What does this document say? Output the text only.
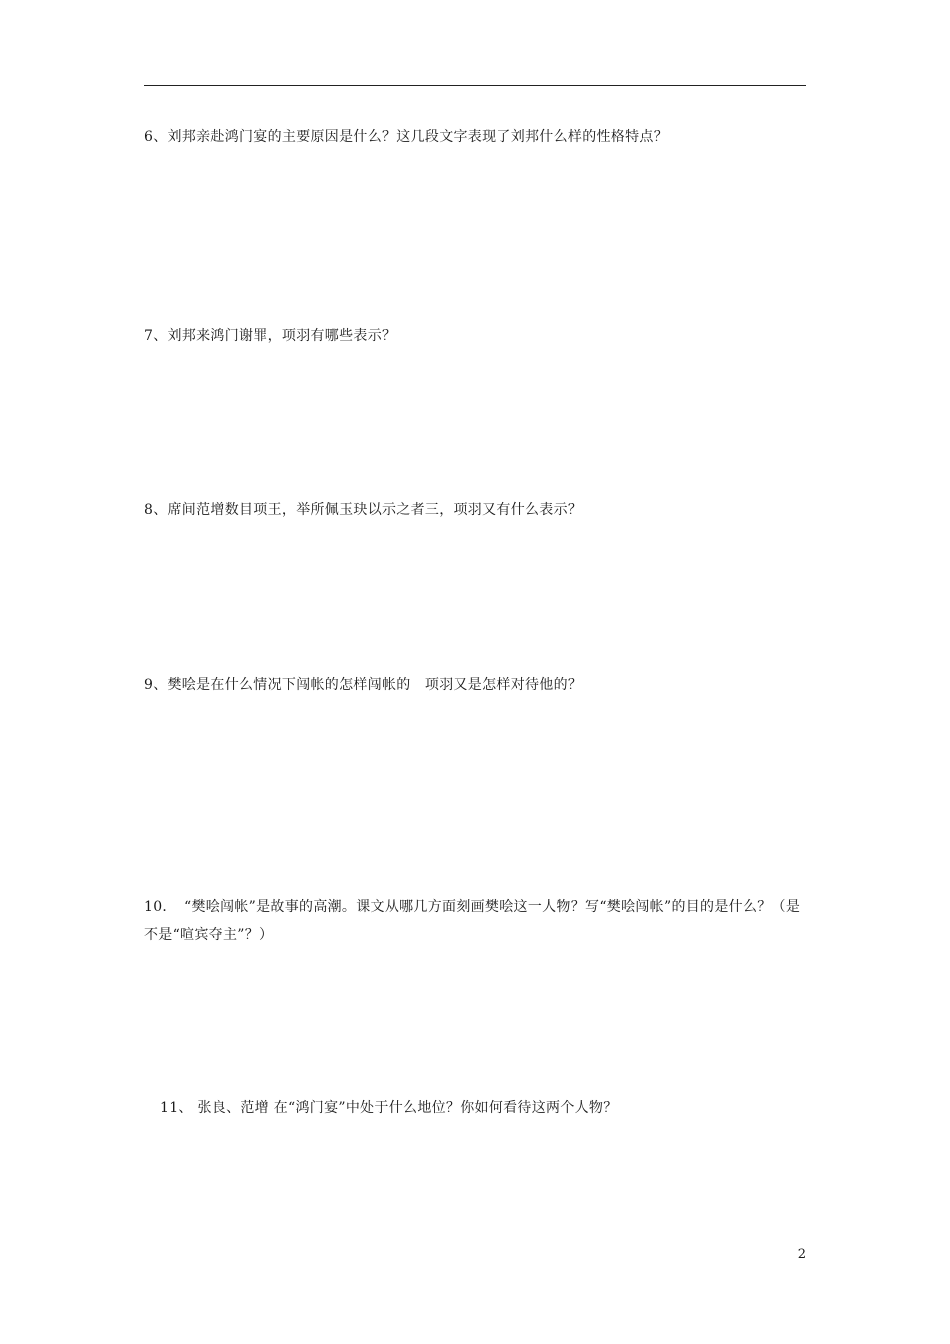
6、刘邦亲赴鸿门宴的主要原因是什么？这几段文字表现了刘邦什么样的性格特点？
7、刘邦来鸿门谢罪，项羽有哪些表示？
8、席间范增数目项王，举所佩玉玦以示之者三，项羽又有什么表示？
9、樊哙是在什么情况下闯帐的怎样闯帐的　项羽又是怎样对待他的？
10．　“樊哙闯帐”是故事的高潮。课文从哪几方面刻画樊哙这一人物？写“樊哙闯帐”的目的是什么？（是不是“喧宾夺主”？）
11、 张良、范增 在“鸿门宴”中处于什么地位？你如何看待这两个人物？
2
